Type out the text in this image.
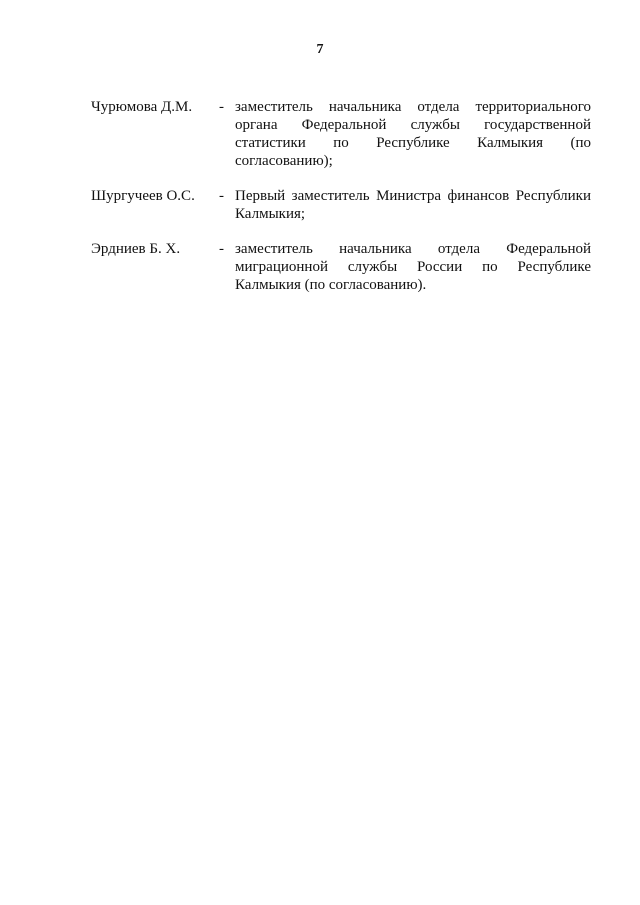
7
Чурюмова Д.М.	- заместитель начальника отдела территориального
органа Федеральной службы государственной
статистики по Республике Калмыкия (по
согласованию);
Шургучеев О.С.	- Первый заместитель Министра финансов Республики
Калмыкия;
Эрдниев Б. Х.	- заместитель начальника отдела Федеральной
миграционной службы России по Республике
Калмыкия (по согласованию).
